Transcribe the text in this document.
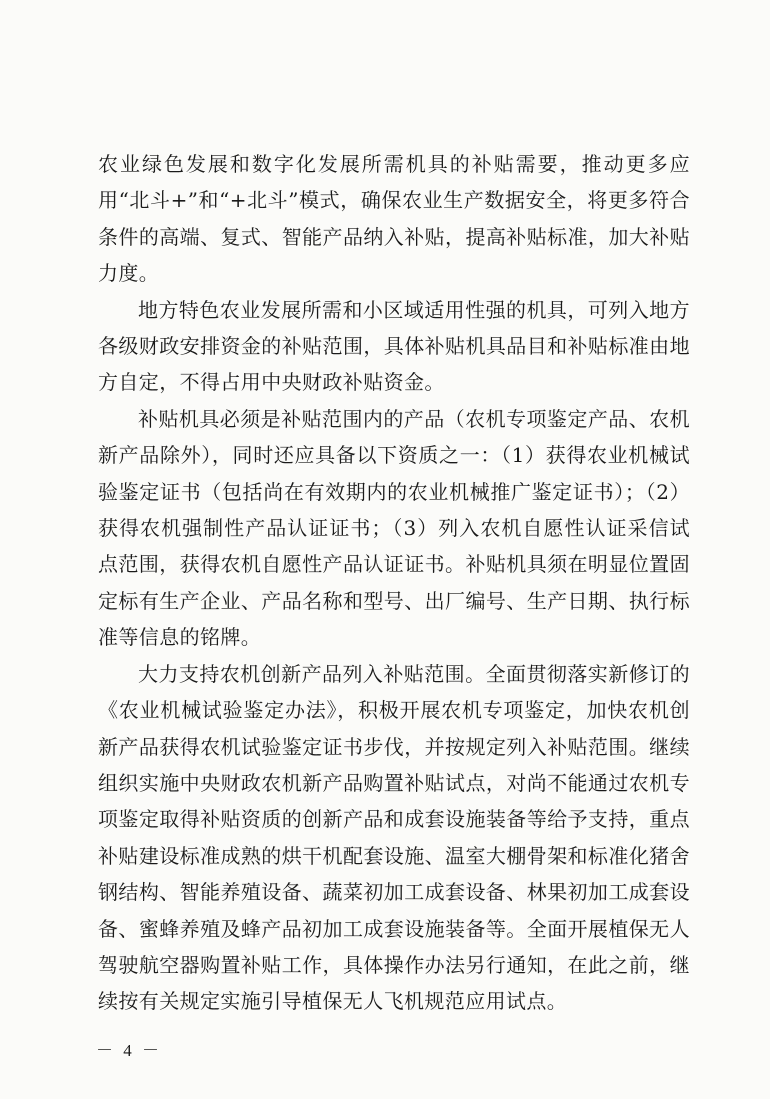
农业绿色发展和数字化发展所需机具的补贴需要，推动更多应用“北斗+”和“+北斗”模式，确保农业生产数据安全，将更多符合条件的高端、复式、智能产品纳入补贴，提高补贴标准，加大补贴力度。

地方特色农业发展所需和小区域适用性强的机具，可列入地方各级财政安排资金的补贴范围，具体补贴机具品目和补贴标准由地方自定，不得占用中央财政补贴资金。

补贴机具必须是补贴范围内的产品（农机专项鉴定产品、农机新产品除外），同时还应具备以下资质之一：（1）获得农业机械试验鉴定证书（包括尚在有效期内的农业机械推广鉴定证书）；（2）获得农机强制性产品认证证书；（3）列入农机自愿性认证采信试点范围，获得农机自愿性产品认证证书。补贴机具须在明显位置固定标有生产企业、产品名称和型号、出厂编号、生产日期、执行标准等信息的铭牌。

大力支持农机创新产品列入补贴范围。全面贯彻落实新修订的《农业机械试验鉴定办法》，积极开展农机专项鉴定，加快农机创新产品获得农机试验鉴定证书步伐，并按规定列入补贴范围。继续组织实施中央财政农机新产品购置补贴试点，对尚不能通过农机专项鉴定取得补贴资质的创新产品和成套设施装备等给予支持，重点补贴建设标准成熟的烘干机配套设施、温室大棚骨架和标准化猪舍钢结构、智能养殖设备、蔬菜初加工成套设备、林果初加工成套设备、蜜蜂养殖及蜂产品初加工成套设施装备等。全面开展植保无人驾驶航空器购置补贴工作，具体操作办法另行通知，在此之前，继续按有关规定实施引导植保无人飞机规范应用试点。

－ 4 －
